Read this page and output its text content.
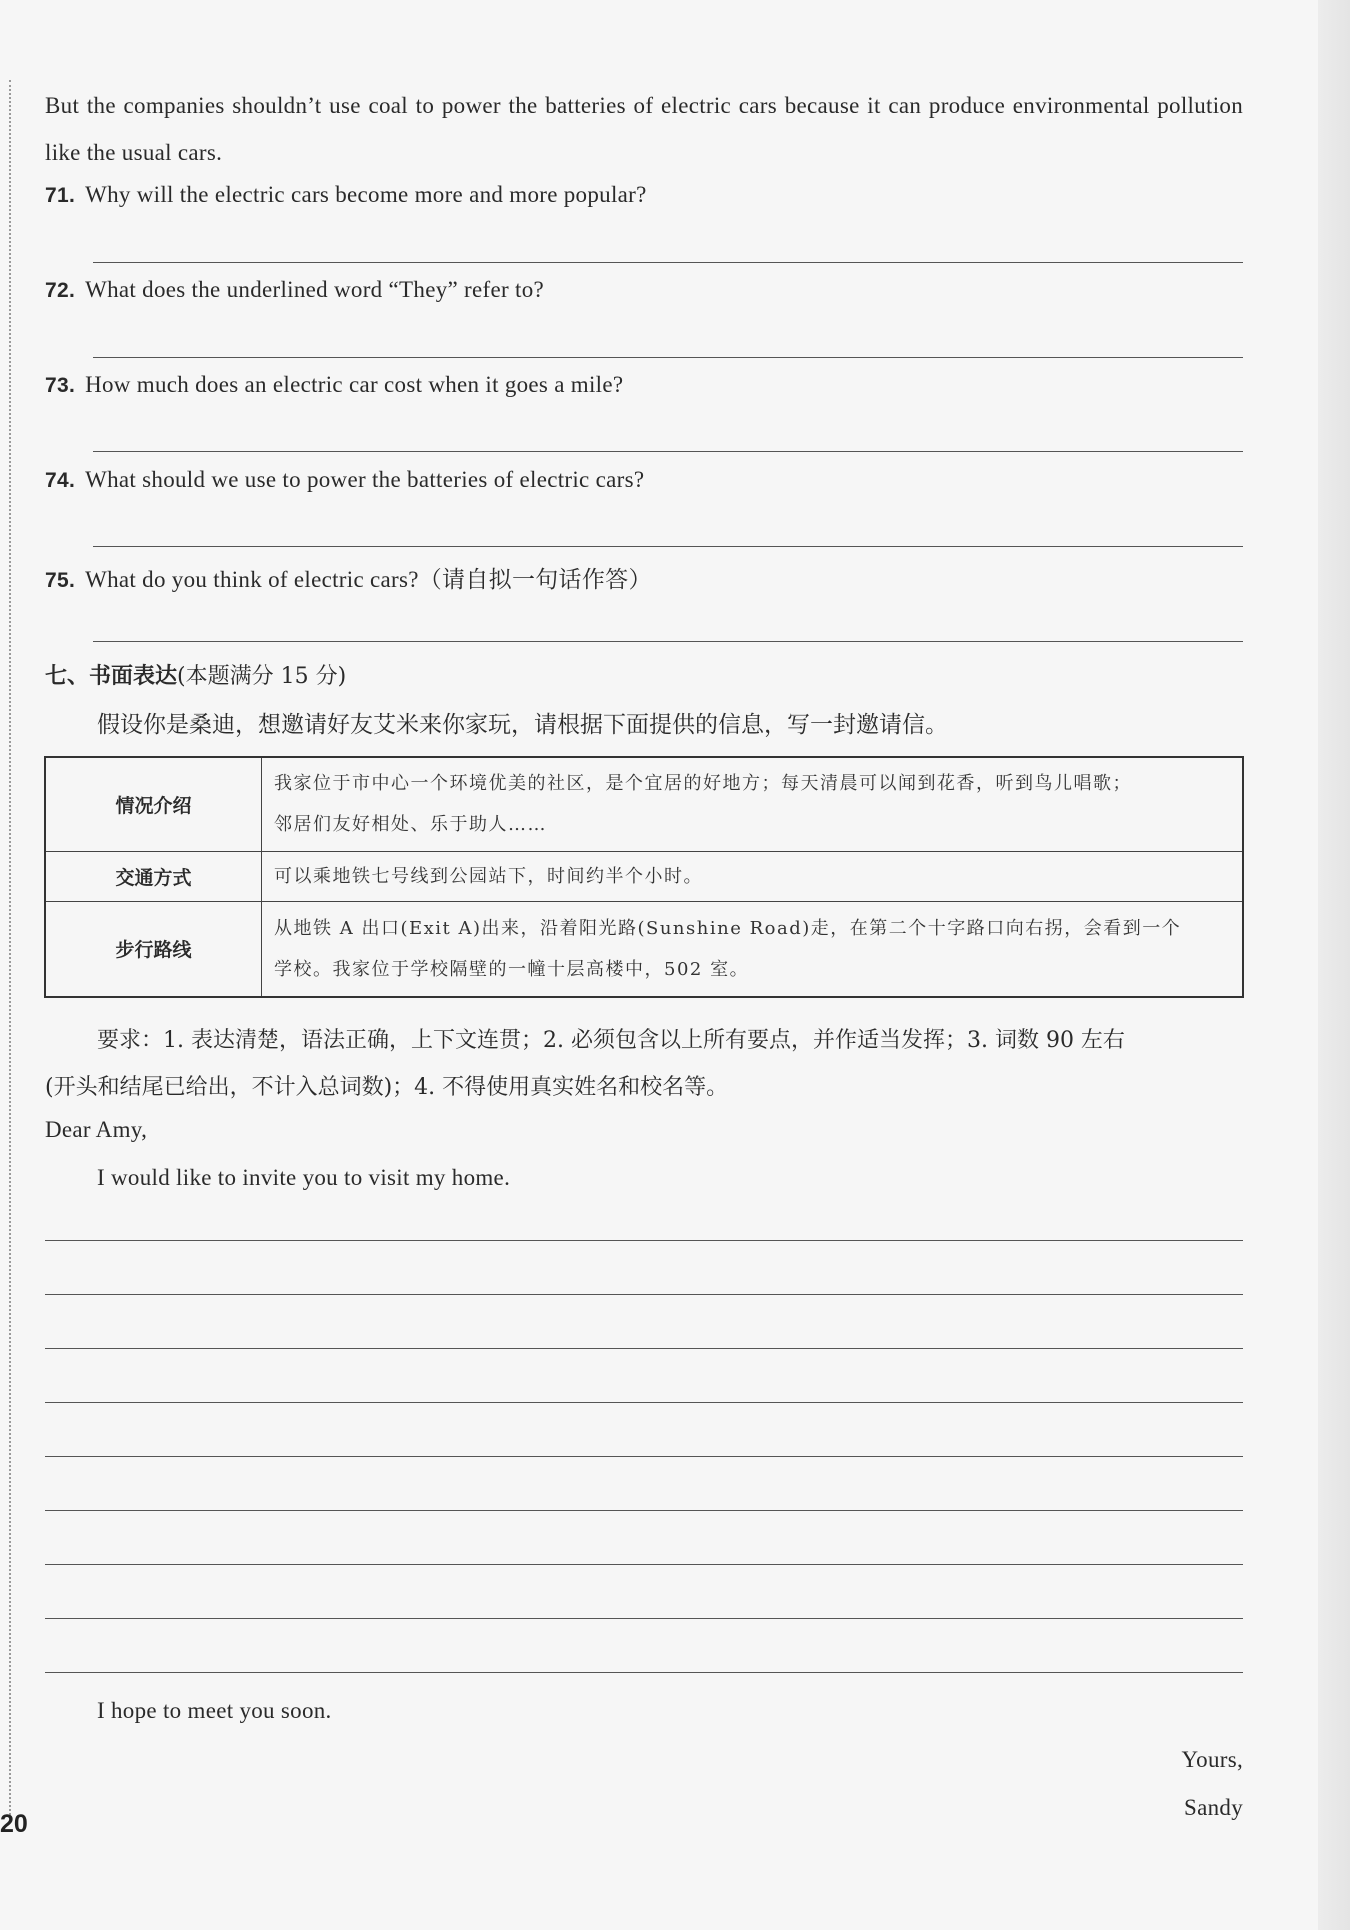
But the companies shouldn’t use coal to power the batteries of electric cars because it can produce environmental pollution like the usual cars.

71. Why will the electric cars become more and more popular?
72. What does the underlined word “They” refer to?
73. How much does an electric car cost when it goes a mile?
74. What should we use to power the batteries of electric cars?
75. What do you think of electric cars?（请自拟一句话作答）
七、书面表达(本题满分 15 分)
假设你是桑迪，想邀请好友艾米来你家玩，请根据下面提供的信息，写一封邀请信。
情况介绍	我家位于市中心一个环境优美的社区，是个宜居的好地方；每天清晨可以闻到花香，听到鸟儿唱歌；
邻居们友好相处、乐于助人……

交通方式	可以乘地铁七号线到公园站下，时间约半个小时。

步行路线	从地铁 A 出口(Exit A)出来，沿着阳光路(Sunshine Road)走，在第二个十字路口向右拐，会看到一个
学校。我家位于学校隔壁的一幢十层高楼中，502 室。
要求：1. 表达清楚，语法正确，上下文连贯；2. 必须包含以上所有要点，并作适当发挥；3. 词数 90 左右
(开头和结尾已给出，不计入总词数)；4. 不得使用真实姓名和校名等。
Dear Amy,
I would like to invite you to visit my home.
I hope to meet you soon.
Yours,
Sandy
20
